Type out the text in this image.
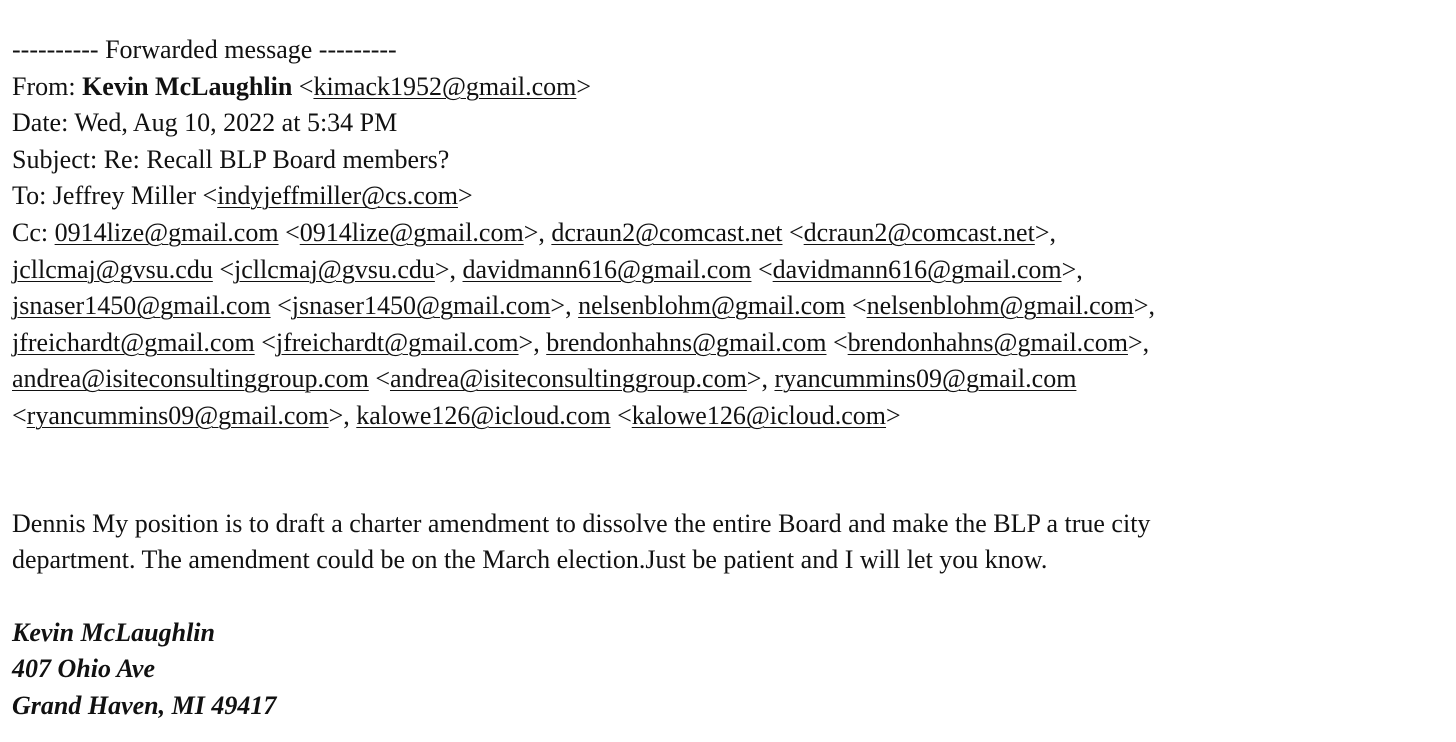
---------- Forwarded message ---------
From: Kevin McLaughlin <kimack1952@gmail.com>
Date: Wed, Aug 10, 2022 at 5:34 PM
Subject: Re: Recall BLP Board members?
To: Jeffrey Miller <indyjeffmiller@cs.com>
Cc: 0914lize@gmail.com <0914lize@gmail.com>, dcraun2@comcast.net <dcraun2@comcast.net>,
jcllcmaj@gvsu.cdu <jcllcmaj@gvsu.cdu>, davidmann616@gmail.com <davidmann616@gmail.com>,
jsnaser1450@gmail.com <jsnaser1450@gmail.com>, nelsenblohm@gmail.com <nelsenblohm@gmail.com>,
jfreichardt@gmail.com <jfreichardt@gmail.com>, brendonhahns@gmail.com <brendonhahns@gmail.com>,
andrea@isiteconsultinggroup.com <andrea@isiteconsultinggroup.com>, ryancummins09@gmail.com
<ryancummins09@gmail.com>, kalowe126@icloud.com <kalowe126@icloud.com>
Dennis My position is to draft a charter amendment to dissolve the entire Board and make the BLP a true city
department. The amendment could be on the March election.Just be patient and I will let you know.
Kevin McLaughlin
407 Ohio Ave
Grand Haven, MI 49417
